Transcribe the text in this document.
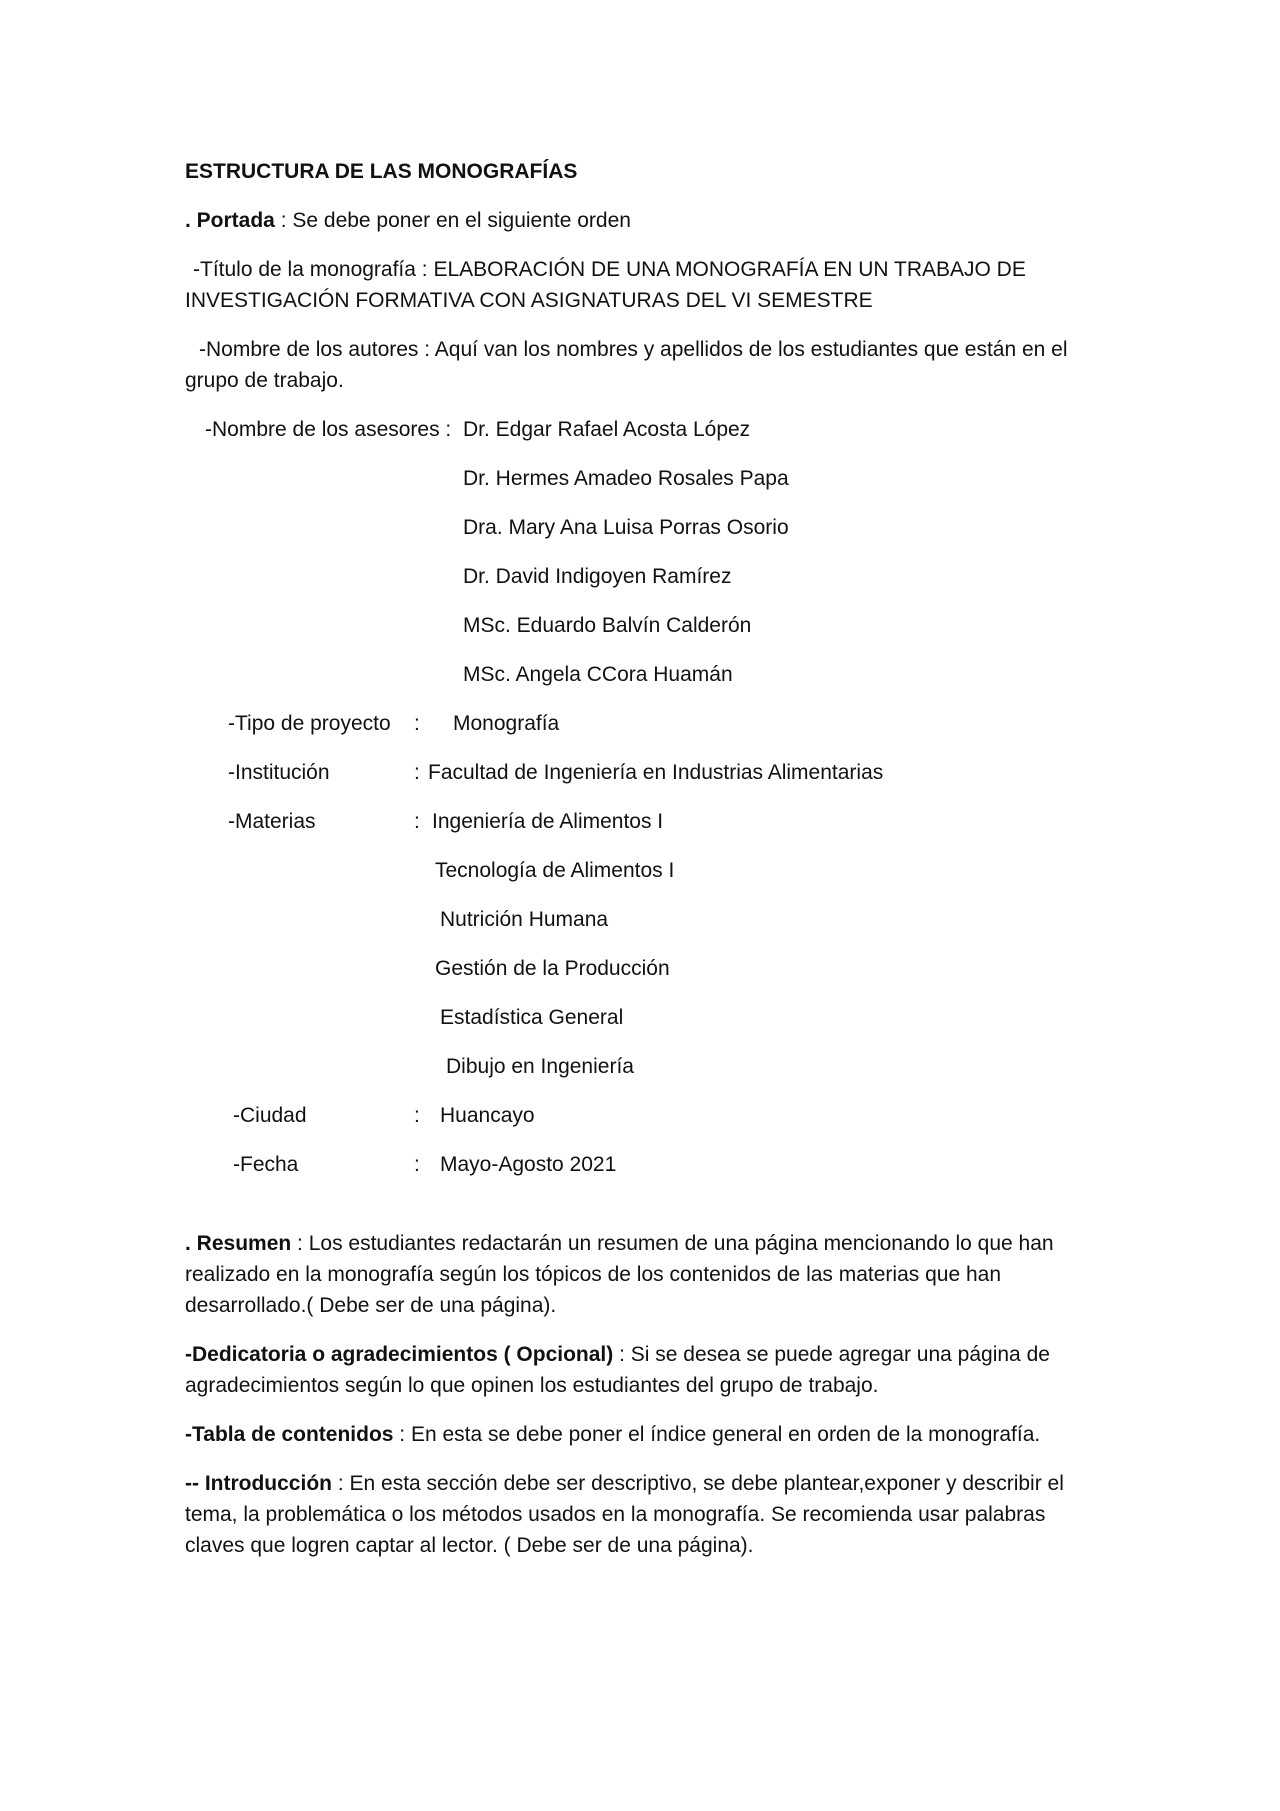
ESTRUCTURA DE LAS MONOGRAFÍAS
. Portada : Se debe poner en el siguiente orden
-Título de la monografía : ELABORACIÓN DE UNA MONOGRAFÍA EN UN TRABAJO DE
INVESTIGACIÓN FORMATIVA CON ASIGNATURAS DEL VI SEMESTRE
-Nombre de los autores : Aquí van los nombres y apellidos de los estudiantes que están en el
grupo de trabajo.
-Nombre de los asesores : Dr. Edgar Rafael Acosta López
Dr. Hermes Amadeo Rosales Papa
Dra. Mary Ana Luisa Porras Osorio
Dr. David Indigoyen Ramírez
MSc. Eduardo Balvín Calderón
MSc. Angela CCora Huamán
-Tipo de proyecto	:	Monografía
-Institución	: Facultad de Ingeniería en Industrias Alimentarias
-Materias	: Ingeniería de Alimentos I
Tecnología de Alimentos I
Nutrición Humana
Gestión de la Producción
Estadística General
Dibujo en Ingeniería
-Ciudad	: Huancayo
-Fecha	: Mayo-Agosto 2021
. Resumen : Los estudiantes redactarán un resumen de una página mencionando lo que han
realizado en la monografía según los tópicos de los contenidos de las materias que han
desarrollado.( Debe ser de una página).
-Dedicatoria o agradecimientos ( Opcional) : Si se desea se puede agregar una página de
agradecimientos según lo que opinen los estudiantes del grupo de trabajo.
-Tabla de contenidos : En esta se debe poner el índice general en orden de la monografía.
-- Introducción : En esta sección debe ser descriptivo, se debe plantear,exponer y describir el
tema, la problemática o los métodos usados en la monografía. Se recomienda usar palabras
claves que logren captar al lector. ( Debe ser de una página).
